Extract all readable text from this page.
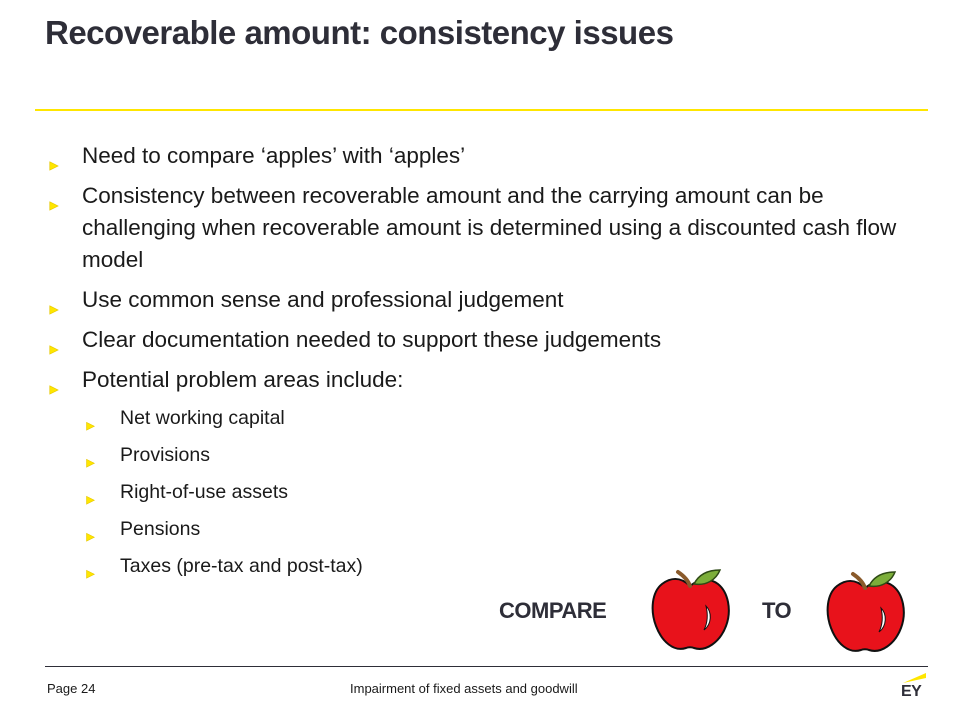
Recoverable amount: consistency issues
► Need to compare ‘apples’ with ‘apples’
► Consistency between recoverable amount and the carrying amount can be challenging when recoverable amount is determined using a discounted cash flow model
► Use common sense and professional judgement
► Clear documentation needed to support these judgements
► Potential problem areas include:
► Net working capital
► Provisions
► Right-of-use assets
► Pensions
► Taxes (pre-tax and post-tax)
COMPARE	TO
Page 24	Impairment of fixed assets and goodwill	EY
